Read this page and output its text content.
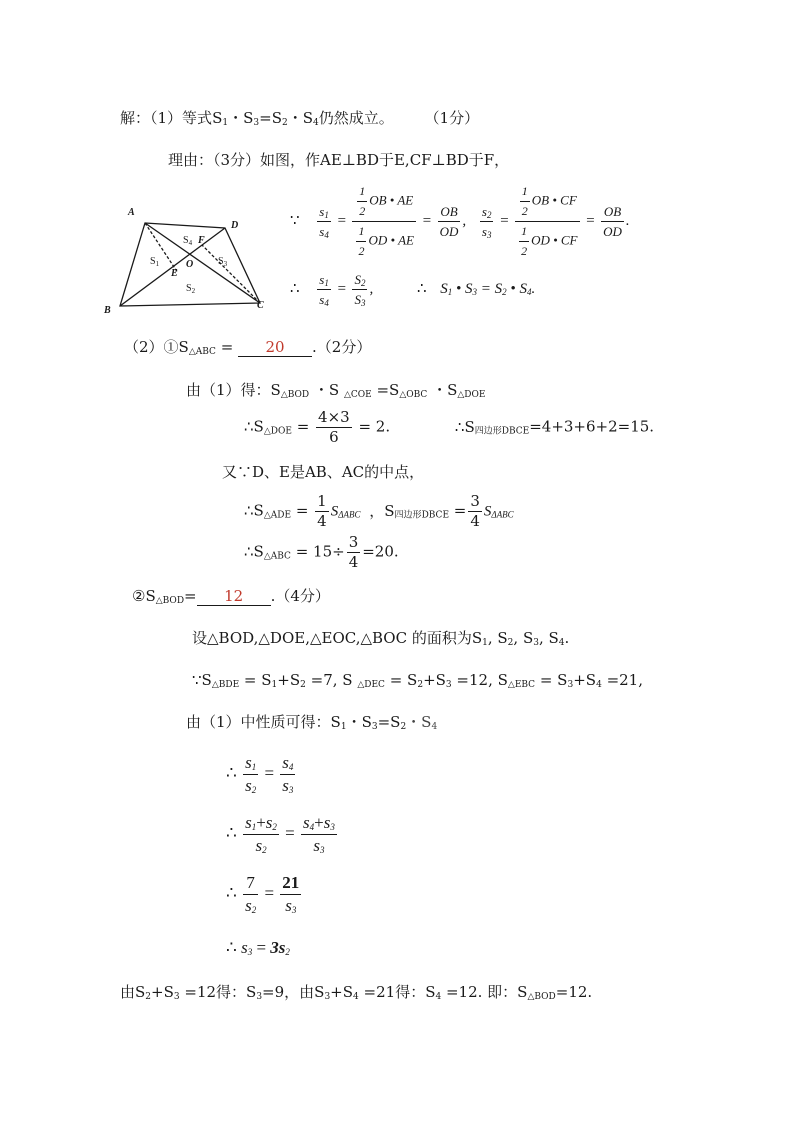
解：（1）等式$S_1$・$S_3=S_2$・$S_4$仍然成立。 （1分）
理由：（3分）如图，作AE⊥BD于E,CF⊥BD于F，
A
D
B	C
O
E
F
$S_4$
$S_1$	$S_3$
$S_2$
∵ $\frac{s_1}{s_4} = \frac{\frac{1}{2} OB • AE}{\frac{1}{2} OD • AE} = \frac{OB}{OD}$ , $\frac{s_2}{s_3} = \frac{\frac{1}{2} OB • CF}{\frac{1}{2} OD • CF} = \frac{OB}{OD}$ .
∴ $\frac{s_1}{s_4} = \frac{S_2}{S_3}$ ,	∴ $S_1$ • $S_3 = S_2$ • $S_4$.
$(2)①S_{\triangle ABC} = 20$ .（2分）
由（1）得：$S_{\triangle BOD}$ ・S $_{\triangle COE} =S_{\triangle OBC}$ ・$S_{\triangle DOE}$
$\therefore S_{\triangle DOE} = \frac{4\times 3}{6} = 2$.	$\therefore S_{四边形DBCE}=4+3+6+2=15$.
又∵D、E是AB、AC的中点，
$\therefore S_{\triangle ADE} = \frac{1}{4} S_{\Delta ABC}$ ，$S_{四边形DBCE} = \frac{3}{4} S_{\Delta ABC}$
$\therefore S_{\triangle ABC} = 15\div \frac{3}{4} =20$.
$②S_{\triangle BOD}= 12$ .（4分）
设△BOD,△DOE,△EOC,△BOC 的面积为$S_1$, $S_2$, $S_3$, $S_4$.
$\because S_{\triangle BDE} = S_1+S_2 =7$, S $_{\triangle DEC} = S_2+S_3 =12$, $S_{\triangle EBC} = S_3+S_4 =21$,
由（1）中性质可得：$S_1$・$S_3=S_2$・$S_4$
∴ $\frac{s_1}{s_2} = \frac{s_4}{s_3}$
∴ $\frac{s_1+s_2}{s_2} = \frac{s_4+s_3}{s_3}$
∴ $\frac{7}{s_2} = \frac{21}{s_3}$
∴ $s_3 = 3s_2$
由$S_2+S_3 =12$得：$S_3=9$，由$S_3+S_4 =21$得：$S_4 =12$. 即：$S_{\triangle BOD}=12$.
